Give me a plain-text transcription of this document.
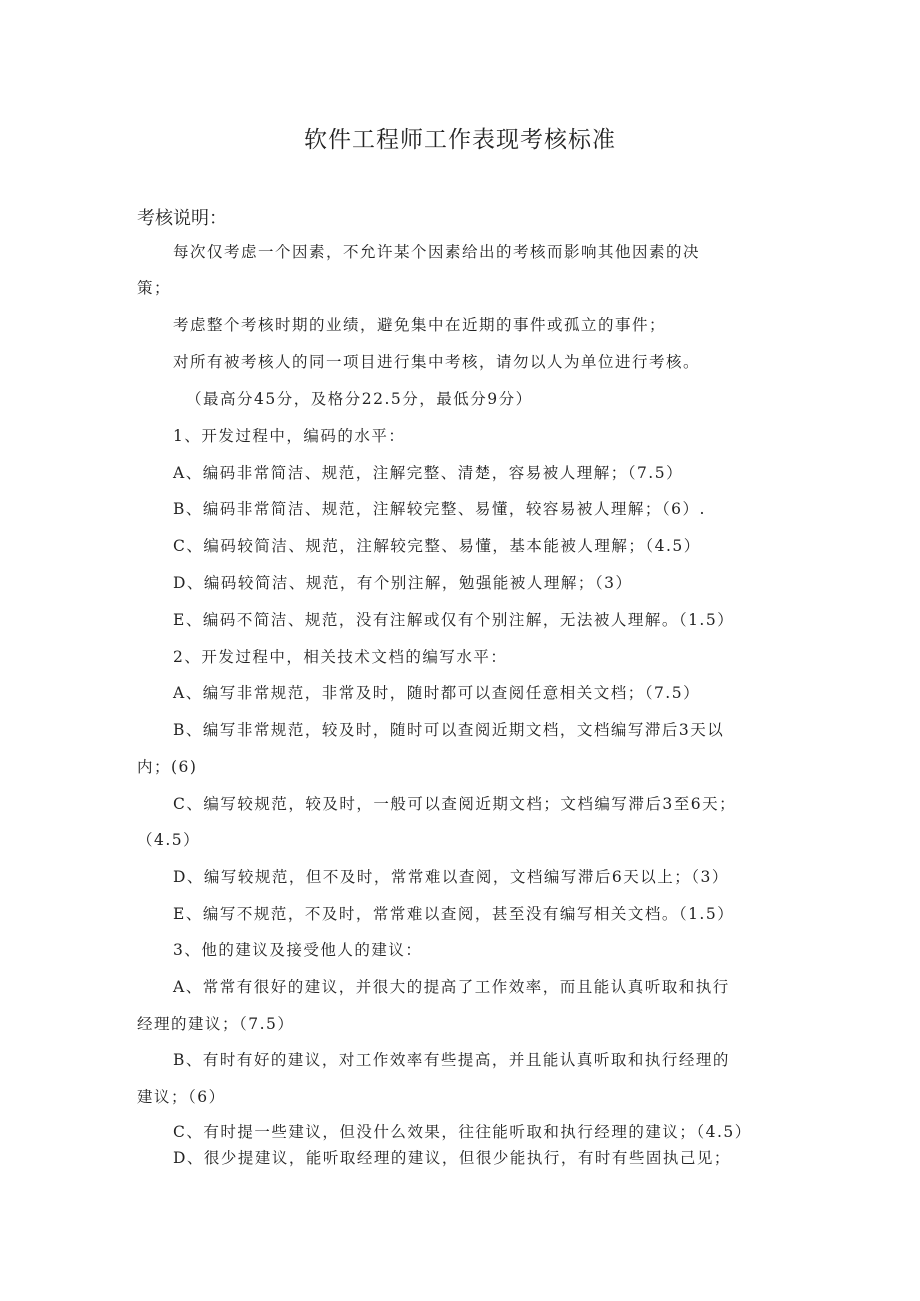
软件工程师工作表现考核标准
考核说明：
每次仅考虑一个因素，不允许某个因素给出的考核而影响其他因素的决
策；
考虑整个考核时期的业绩，避免集中在近期的事件或孤立的事件；
对所有被考核人的同一项目进行集中考核，请勿以人为单位进行考核。
（最高分45分，及格分22.5分，最低分9分）
1、开发过程中，编码的水平：
A、编码非常简洁、规范，注解完整、清楚，容易被人理解；（7.5）
B、编码非常简洁、规范，注解较完整、易懂，较容易被人理解；（6）.
C、编码较简洁、规范，注解较完整、易懂，基本能被人理解；（4.5）
D、编码较简洁、规范，有个别注解，勉强能被人理解；（3）
E、编码不简洁、规范，没有注解或仅有个别注解，无法被人理解。（1.5）
2、开发过程中，相关技术文档的编写水平：
A、编写非常规范，非常及时，随时都可以查阅任意相关文档；（7.5）
B、编写非常规范，较及时，随时可以查阅近期文档，文档编写滞后3天以
内；(6)
C、编写较规范，较及时，一般可以查阅近期文档；文档编写滞后3至6天；
（4.5）
D、编写较规范，但不及时，常常难以查阅，文档编写滞后6天以上；（3）
E、编写不规范，不及时，常常难以查阅，甚至没有编写相关文档。（1.5）
3、他的建议及接受他人的建议：
A、常常有很好的建议，并很大的提高了工作效率，而且能认真听取和执行
经理的建议；（7.5）
B、有时有好的建议，对工作效率有些提高，并且能认真听取和执行经理的
建议；（6）
C、有时提一些建议，但没什么效果，往往能听取和执行经理的建议；（4.5）
D、很少提建议，能听取经理的建议，但很少能执行，有时有些固执己见；
